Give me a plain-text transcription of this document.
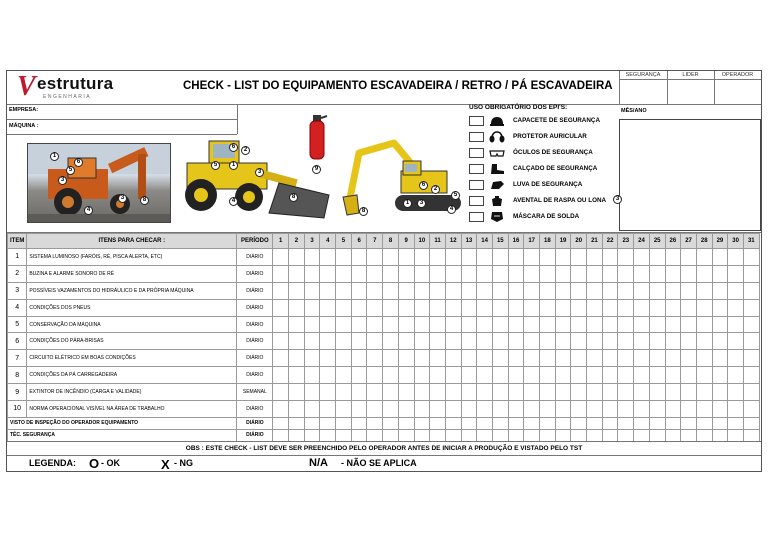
V estrutura
ENGENHARIA
CHECK - LIST DO EQUIPAMENTO ESCAVADEIRA / RETRO / PÁ ESCAVADEIRA
SEGURANÇA	LIDER	OPERADOR
EMPRESA:
MÁQUINA :
1
6
5
3
3	8
4
6	2
5	1
3
4
8
9
6
2
5
1	3
4
8
USO OBRIGATÓRIO DOS EPI'S:
CAPACETE DE SEGURANÇA
PROTETOR AURICULAR
ÓCULOS DE SEGURANÇA
CALÇADO DE SEGURANÇA
LUVA DE SEGURANÇA
AVENTAL DE RASPA OU LONA
MÁSCARA DE SOLDA
MÊS/ANO
3
ITEM	ITENS PARA CHECAR :	PERÍODO	1	2	3	4	5	6	7	8	9	10	11	12	13	14	15	16	17	18	19	20	21	22	23	24	25	26	27	28	29	30	31
1	SISTEMA LUMINOSO (FARÓIS, RÉ, PISCA ALERTA, ETC)	DIÁRIO																															
2	BUZINA E ALARME SONORO DE RÉ	DIÁRIO																															
3	POSSÍVEIS VAZAMENTOS DO HIDRÁULICO E DA PRÓPRIA MÁQUINA	DIÁRIO																															
4	CONDIÇÕES DOS PNEUS	DIÁRIO																															
5	CONSERVAÇÃO DA MÁQUINA	DIÁRIO																															
6	CONDIÇÕES DO PÁRA-BRISAS	DIÁRIO																															
7	CIRCUITO ELÉTRICO EM BOAS CONDIÇÕES	DIÁRIO																															
8	CONDIÇÕES DA PÁ CARREGADEIRA	DIÁRIO																															
9	EXTINTOR DE INCÊNDIO (CARGA E VALIDADE)	SEMANAL																															
10	NORMA OPERACIONAL VISÍVEL NA ÁREA DE TRABALHO	DIÁRIO																															
VISTO DE INSPEÇÃO DO OPERADOR EQUIPAMENTO		DIÁRIO																															
TÉC. SEGURANÇA		DIÁRIO																															
OBS : ESTE CHECK - LIST DEVE SER PREENCHIDO PELO OPERADOR ANTES DE INICIAR A PRODUÇÃO E VISTADO PELO TST
LEGENDA: O - OK	X - NG	N/A - NÃO SE APLICA
